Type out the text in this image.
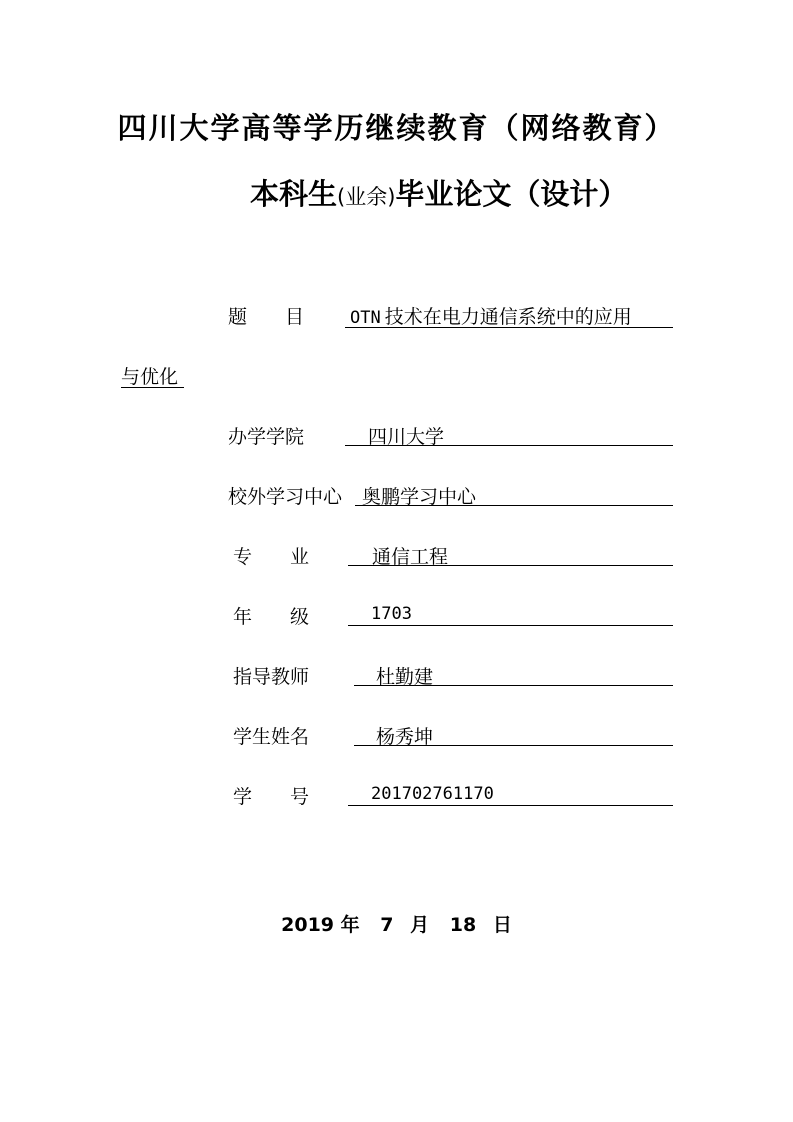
四川大学高等学历继续教育（网络教育）
本科生(业余)毕业论文（设计）
题　　目	OTN 技术在电力通信系统中的应用
与优化
办学学院	四川大学
校外学习中心 奥鹏学习中心
专　　业	通信工程
年　　级	1703
指导教师	杜勤建
学生姓名	杨秀坤
学　　号	201702761170
2019 年 7 月 18 日
